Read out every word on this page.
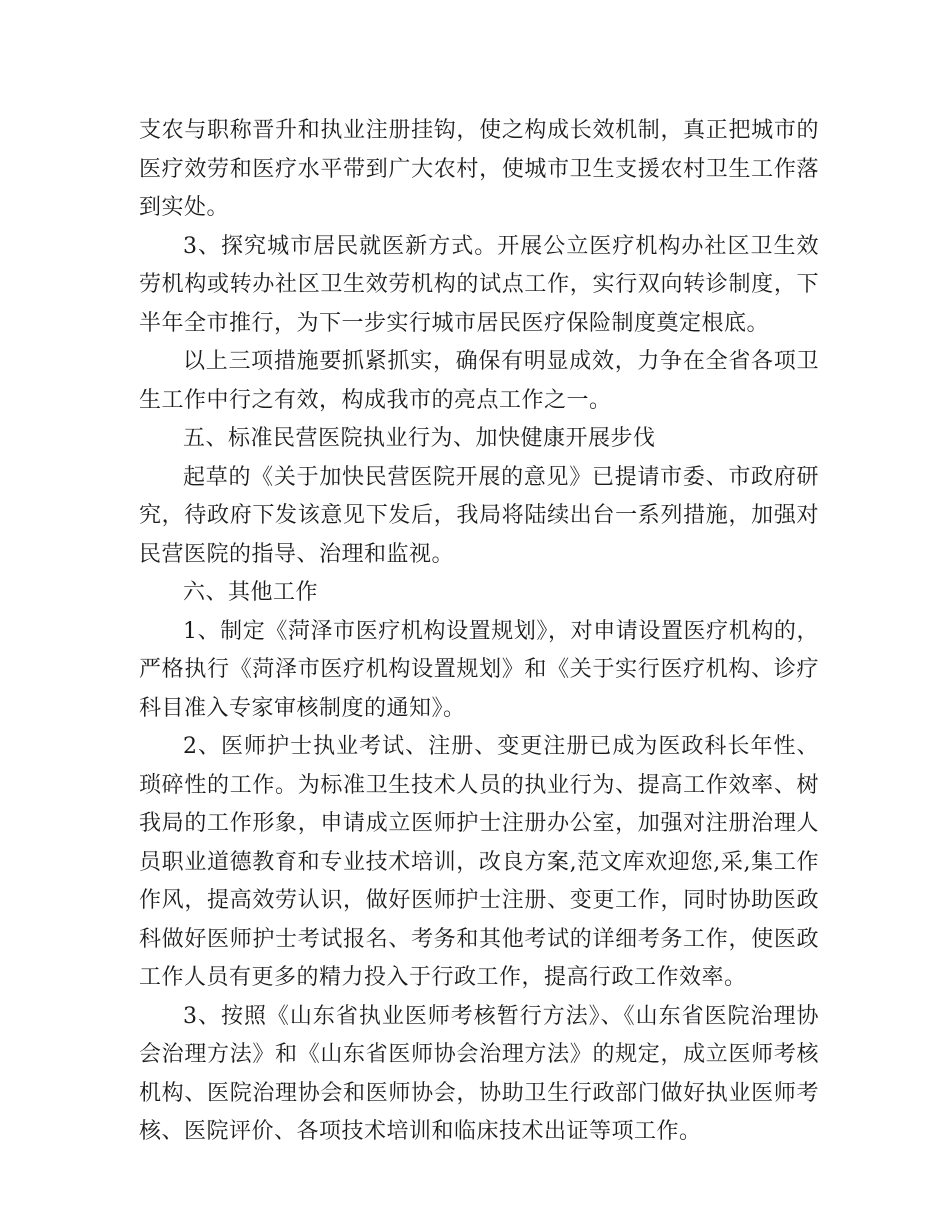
支农与职称晋升和执业注册挂钩，使之构成长效机制，真正把城市的医疗效劳和医疗水平带到广大农村，使城市卫生支援农村卫生工作落到实处。

3、探究城市居民就医新方式。开展公立医疗机构办社区卫生效劳机构或转办社区卫生效劳机构的试点工作，实行双向转诊制度，下半年全市推行，为下一步实行城市居民医疗保险制度奠定根底。

以上三项措施要抓紧抓实，确保有明显成效，力争在全省各项卫生工作中行之有效，构成我市的亮点工作之一。

五、标准民营医院执业行为、加快健康开展步伐

起草的《关于加快民营医院开展的意见》已提请市委、市政府研究，待政府下发该意见下发后，我局将陆续出台一系列措施，加强对民营医院的指导、治理和监视。

六、其他工作

1、制定《菏泽市医疗机构设置规划》，对申请设置医疗机构的，严格执行《菏泽市医疗机构设置规划》和《关于实行医疗机构、诊疗科目准入专家审核制度的通知》。

2、医师护士执业考试、注册、变更注册已成为医政科长年性、琐碎性的工作。为标准卫生技术人员的执业行为、提高工作效率、树我局的工作形象，申请成立医师护士注册办公室，加强对注册治理人员职业道德教育和专业技术培训，改良方案,范文库欢迎您,采,集工作作风，提高效劳认识，做好医师护士注册、变更工作，同时协助医政科做好医师护士考试报名、考务和其他考试的详细考务工作，使医政工作人员有更多的精力投入于行政工作，提高行政工作效率。

3、按照《山东省执业医师考核暂行方法》、《山东省医院治理协会治理方法》和《山东省医师协会治理方法》的规定，成立医师考核机构、医院治理协会和医师协会，协助卫生行政部门做好执业医师考核、医院评价、各项技术培训和临床技术出证等项工作。
